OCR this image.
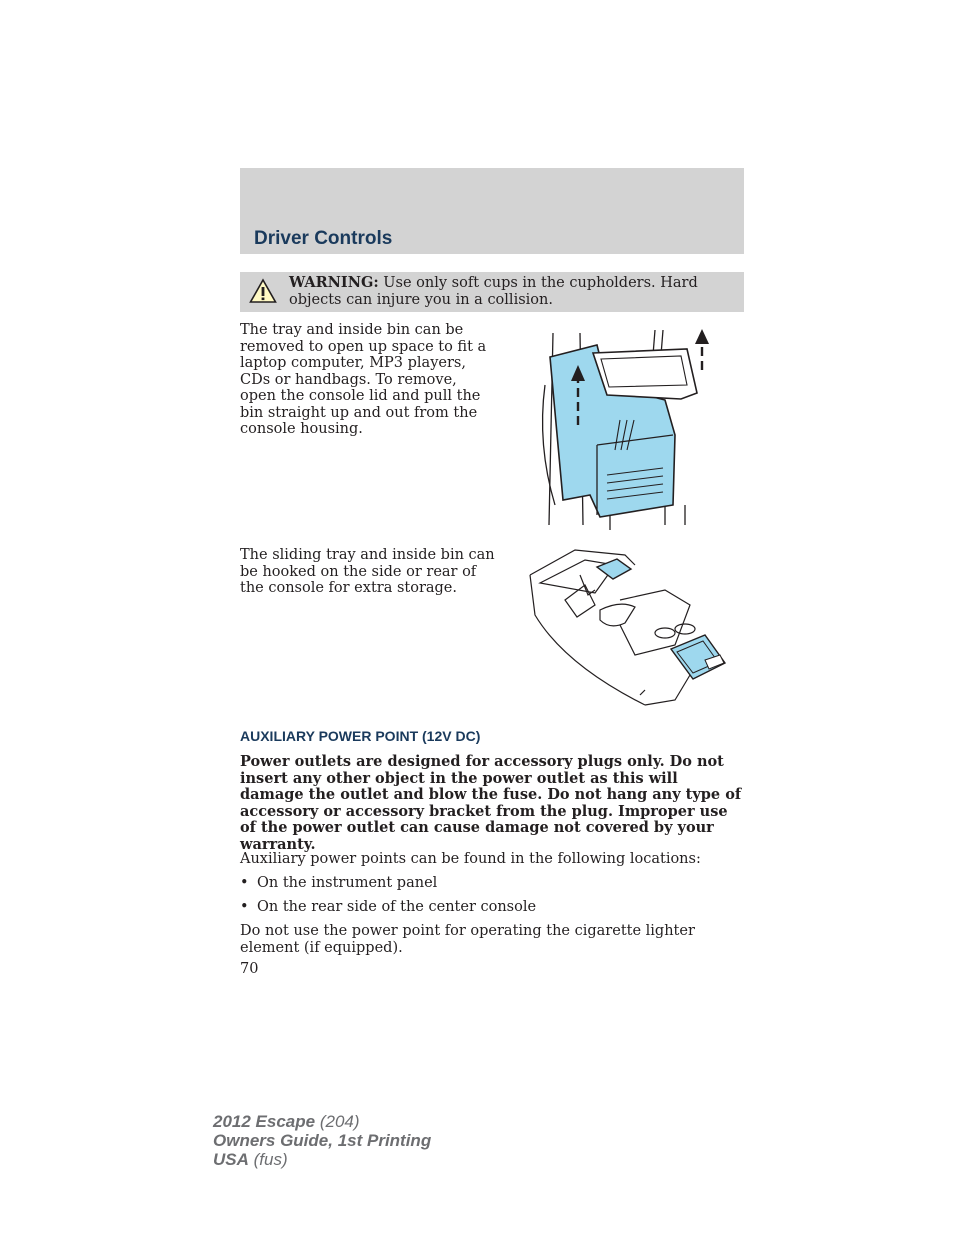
Driver Controls

WARNING: Use only soft cups in the cupholders. Hard objects can injure you in a collision.

The tray and inside bin can be removed to open up space to fit a laptop computer, MP3 players, CDs or handbags. To remove, open the console lid and pull the bin straight up and out from the console housing.

The sliding tray and inside bin can be hooked on the side or rear of the console for extra storage.

AUXILIARY POWER POINT (12V DC)

Power outlets are designed for accessory plugs only. Do not insert any other object in the power outlet as this will damage the outlet and blow the fuse. Do not hang any type of accessory or accessory bracket from the plug. Improper use of the power outlet can cause damage not covered by your warranty.

Auxiliary power points can be found in the following locations:

• On the instrument panel

• On the rear side of the center console

Do not use the power point for operating the cigarette lighter element (if equipped).

70

2012 Escape (204)
Owners Guide, 1st Printing
USA (fus)
